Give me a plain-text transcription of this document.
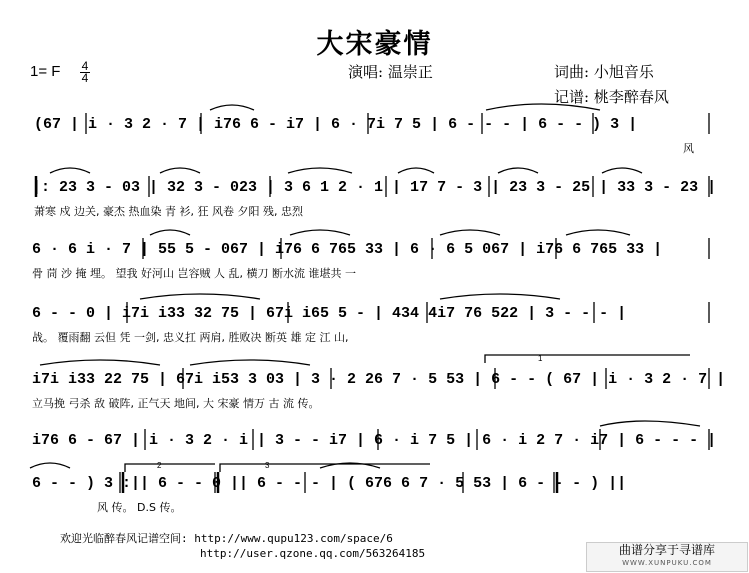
大宋豪情
1= F 4
4	演唱: 温崇正	词曲: 小旭音乐
记谱: 桃李醉春风
1
2	3
(67 | i · 3 2 · 7 | i76 6 - i7 | 6 · 7i 7 5 | 6 - - - | 6 - - ) 3 |
风
|: 23 3 - 03 | 32 3 - 023 | 3 6 1 2 · 1 | 17 7 - 3 | 23 3 - 25 | 33 3 - 23 |
萧寒 戍 边关, 豪杰 热血染 青 衫, 狂 风卷 夕阳 残, 忠烈
6 · 6 i · 7 | 55 5 - 067 | i76 6 765 33 | 6 · 6 5 067 | i76 6 765 33 |
骨 茼 沙 掩 埋。 望我 好河山 岂容贼 人 乱, 横刀 断水流 谁堪共 一
6 - - 0 | i7i i33 32 75 | 67i i65 5 - | 434 4i7 76 522 | 3 - - - |
战。 覆雨翻 云但 凭 一剑, 忠义扛 两肩, 胜败决 断英 雄 定 江 山,
i7i i33 22 75 | 67i i53 3 03 | 3 · 2 26 7 · 5 53 | 6 - - ( 67 | i · 3 2 · 7 |
立马挽 弓杀 敌 破阵, 正气天 地间, 大 宋豪 情万 古 流 传。
i76 6 - 67 | i · 3 2 · i | 3 - - i7 | 6 · i 7 5 | 6 · i 2 7 · i7 | 6 - - - |
6 - - ) 3 :|| 6 - - 0 || 6 - - - | ( 676 6 7 · 5 53 | 6 - - - ) ||
风 传。 D.S 传。
欢迎光临醉春风记谱空间: http://www.qupu123.com/space/6
http://user.qzone.qq.com/563264185	曲谱分享于寻谱库
WWW.XUNPUKU.COM
